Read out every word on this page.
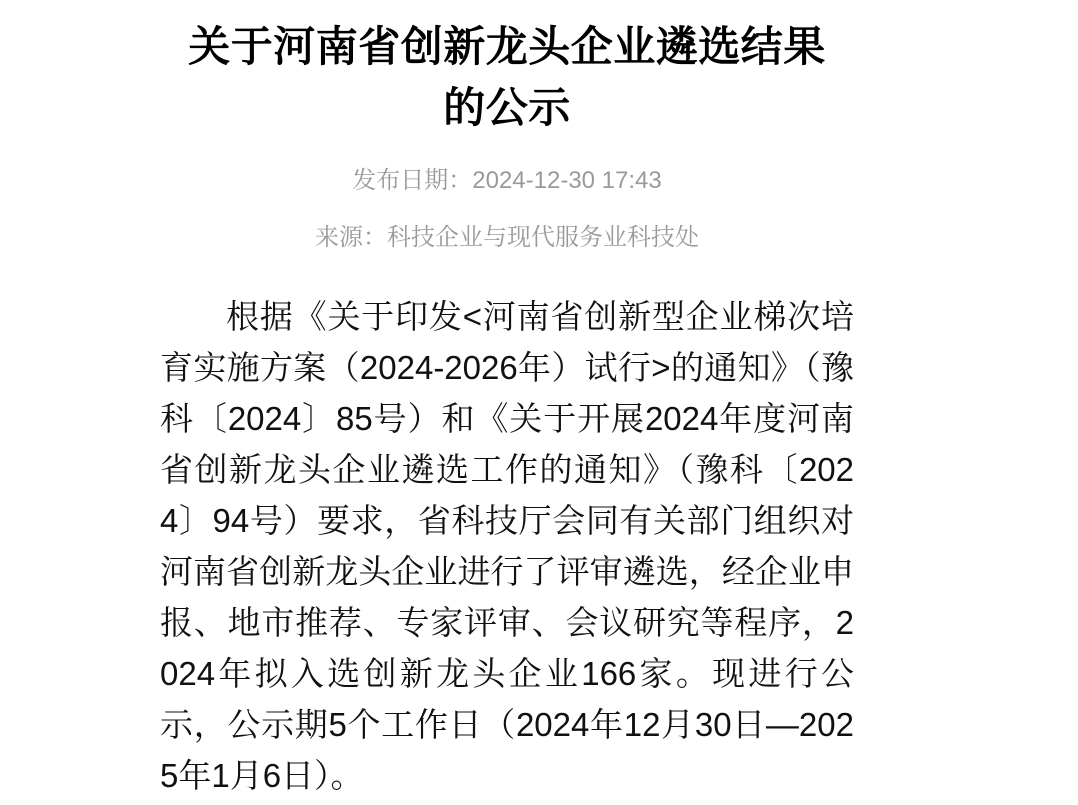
关于河南省创新龙头企业遴选结果
的公示
发布日期：2024-12-30 17:43
来源：科技企业与现代服务业科技处

根据《关于印发<河南省创新型企业梯次培育实施方案（2024-2026年）试行>的通知》（豫科〔2024〕85号）和《关于开展2024年度河南省创新龙头企业遴选工作的通知》（豫科〔2024〕94号）要求，省科技厅会同有关部门组织对河南省创新龙头企业进行了评审遴选，经企业申报、地市推荐、专家评审、会议研究等程序，2024年拟入选创新龙头企业166家。现进行公示，公示期5个工作日（2024年12月30日—2025年1月6日）。
